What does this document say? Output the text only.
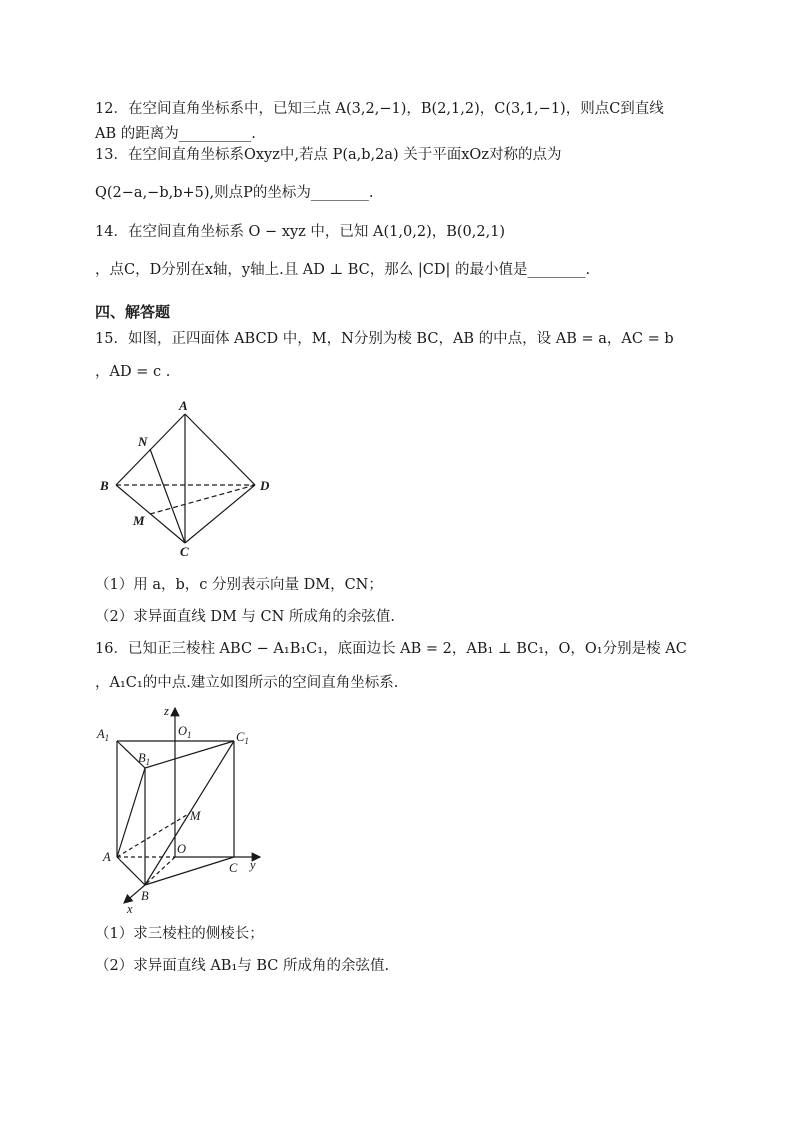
12．在空间直角坐标系中，已知三点 A(3,2,−1)，B(2,1,2)，C(3,1,−1)，则点C到直线
AB 的距离为__________.
13．在空间直角坐标系Oxyz中,若点 P(a,b,2a) 关于平面xOz对称的点为
Q(2−a,−b,b+5),则点P的坐标为________.
14．在空间直角坐标系 O − xyz 中，已知 A(1,0,2)，B(0,2,1)
，点C，D分别在x轴，y轴上.且 AD ⊥ BC，那么 |CD| 的最小值是________.
四、解答题
15．如图，正四面体 ABCD 中，M，N分别为棱 BC，AB 的中点，设 AB = a，AC = b
，AD = c .
A
N
B	D
M
C
（1）用 a，b，c 分别表示向量 DM，CN；
（2）求异面直线 DM 与 CN 所成角的余弦值.
16．已知正三棱柱 ABC − A₁B₁C₁，底面边长 AB = 2，AB₁ ⊥ BC₁，O，O₁分别是棱 AC
，A₁C₁的中点.建立如图所示的空间直角坐标系.
z
$A_1$	$O_1$	$C_1$
$B_1$
M
O
A
C y
B
x
（1）求三棱柱的侧棱长；
（2）求异面直线 AB₁与 BC 所成角的余弦值.
